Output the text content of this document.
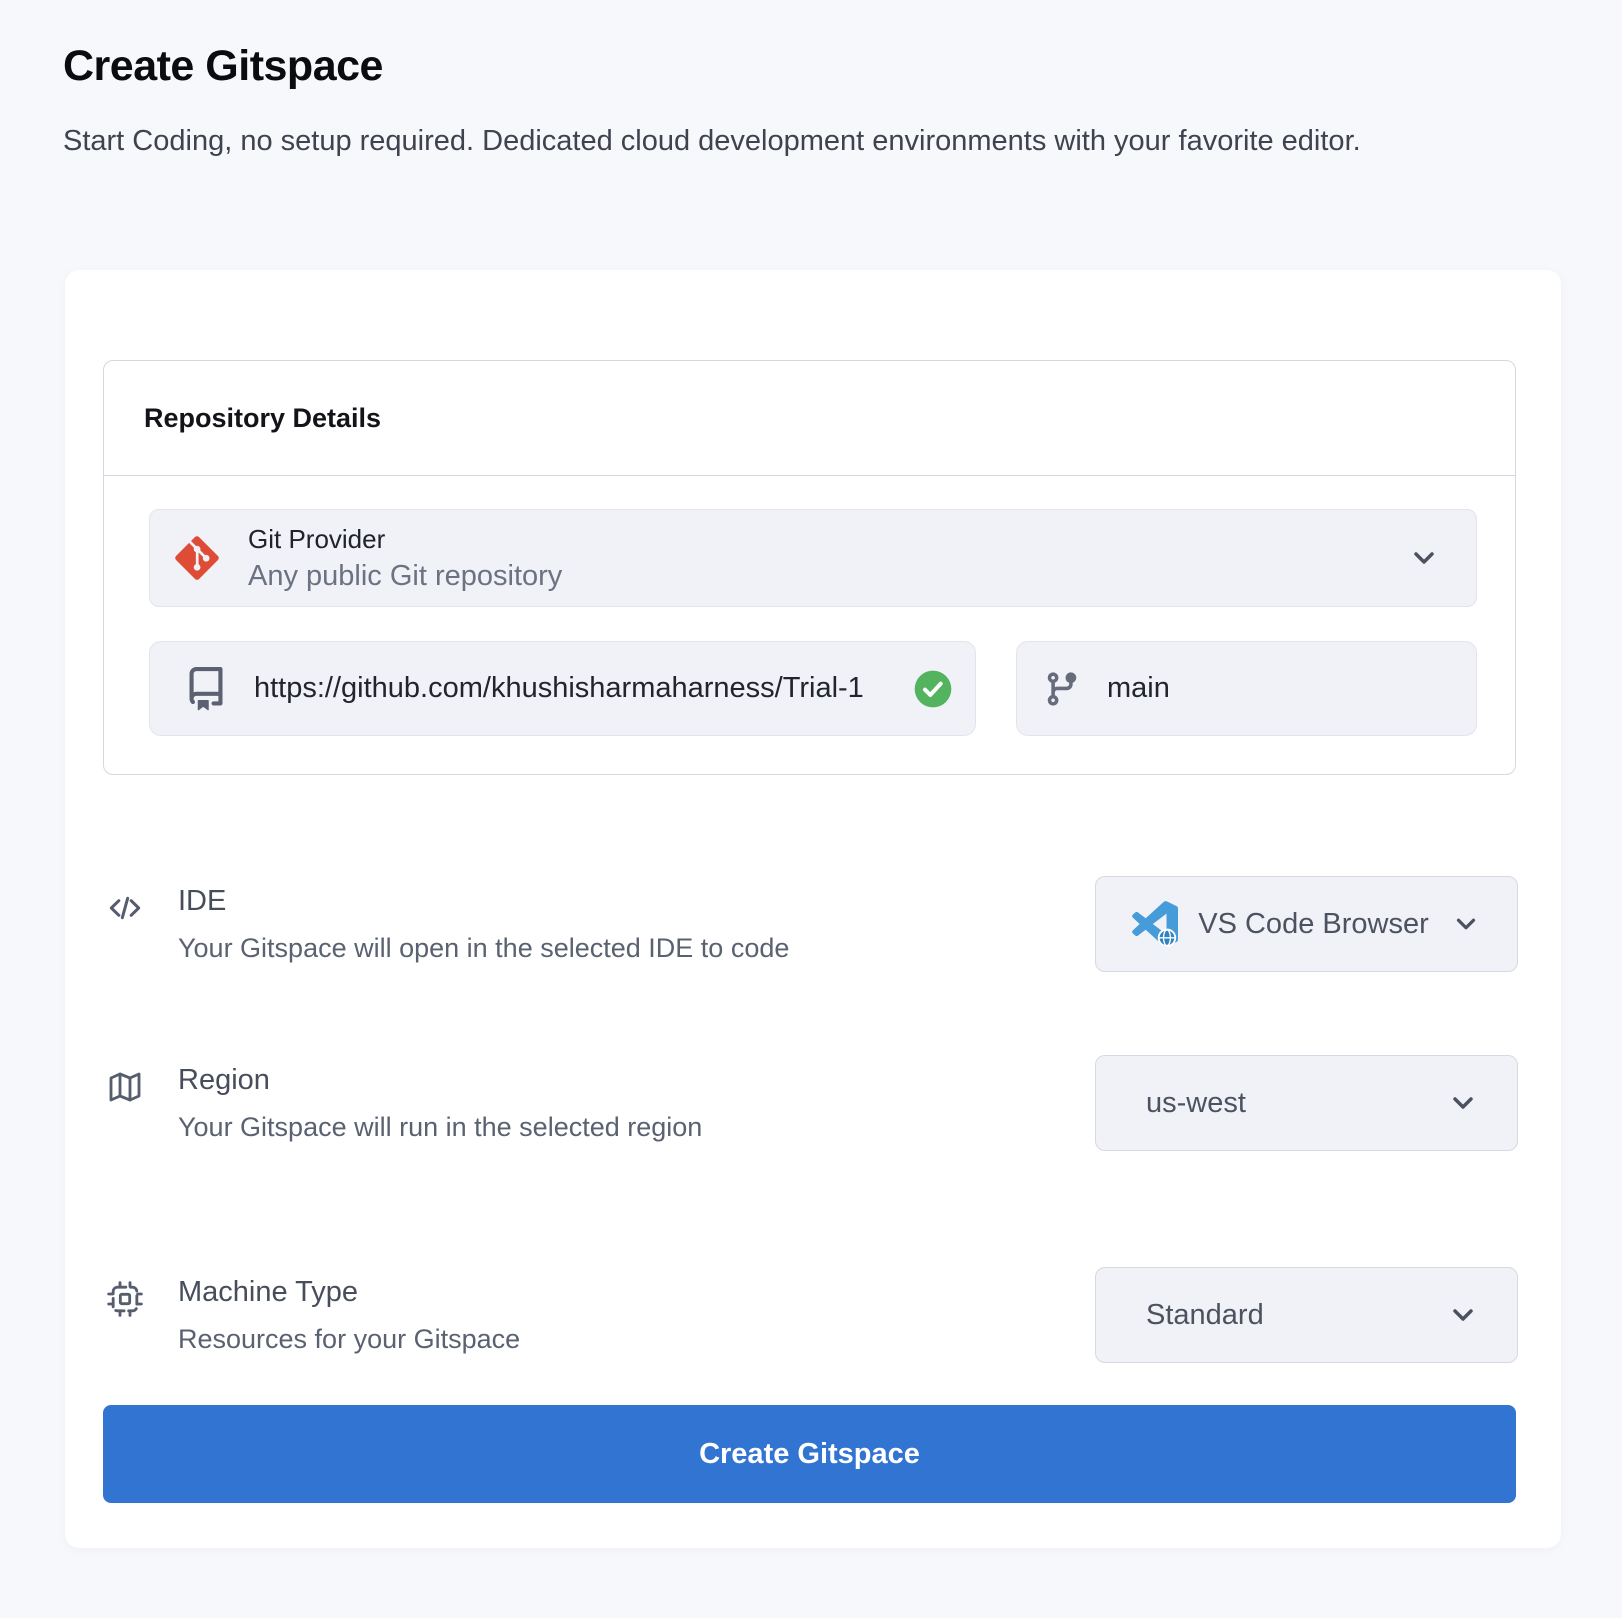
Create Gitspace

Start Coding, no setup required. Dedicated cloud development environments with your favorite editor.

Repository Details
Git Provider
Any public Git repository
https://github.com/khushisharmaharness/Trial-1
main
IDE
Your Gitspace will open in the selected IDE to code
VS Code Browser
Region
Your Gitspace will run in the selected region
us-west
Machine Type
Resources for your Gitspace
Standard
Create Gitspace
